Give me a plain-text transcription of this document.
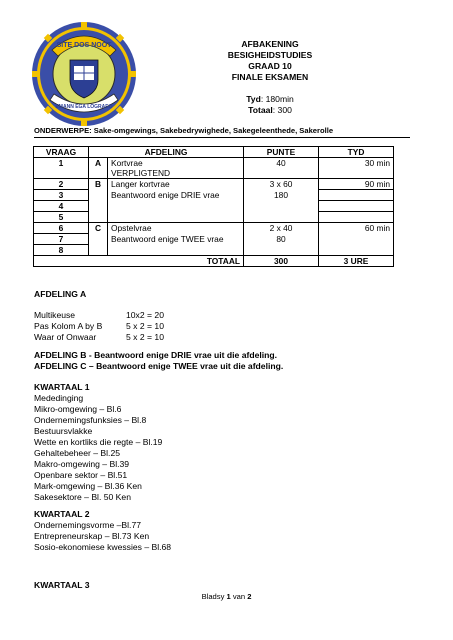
SITE DOS NOOT
EMANN EGA LOGRAEO
AFBAKENING
BESIGHEIDSTUDIES
GRAAD 10
FINALE EKSAMEN
Tyd: 180min
Totaal: 300
ONDERWERPE: Sake-omgewings, Sakebedrywighede, Sakegeleenthede, Sakerolle
VRAAG	AFDELING		PUNTE	TYD
1	A	Kortvrae	40	30 min
		VERPLIGTEND		
2	B	Langer kortvrae	3 x 60	90 min
3		Beantwoord enige DRIE vrae	180	
4				
5				
6	C	Opstelvrae	2 x 40	60 min
7		Beantwoord enige TWEE vrae	80	
8				
TOTAAL			300	3 URE
AFDELING A
Multikeuse	10x2 = 20
Pas Kolom A by B	5 x 2 = 10
Waar of Onwaar	5 x 2 = 10
AFDELING B - Beantwoord enige DRIE vrae uit die afdeling.
AFDELING C – Beantwoord enige TWEE vrae uit die afdeling.
KWARTAAL 1
Mededinging
Mikro-omgewing – Bl.6
Ondernemingsfunksies – Bl.8
Bestuursvlakke
Wette en kortliks die regte – Bl.19
Gehaltebeheer – Bl.25
Makro-omgewing – Bl.39
Openbare sektor – Bl.51
Mark-omgewing – Bl.36 Ken
Sakesektore – Bl. 50 Ken
KWARTAAL 2
Ondernemingsvorme –Bl.77
Entrepreneurskap – Bl.73 Ken
Sosio-ekonomiese kwessies – Bl.68
KWARTAAL 3
Bladsy 1 van 2
